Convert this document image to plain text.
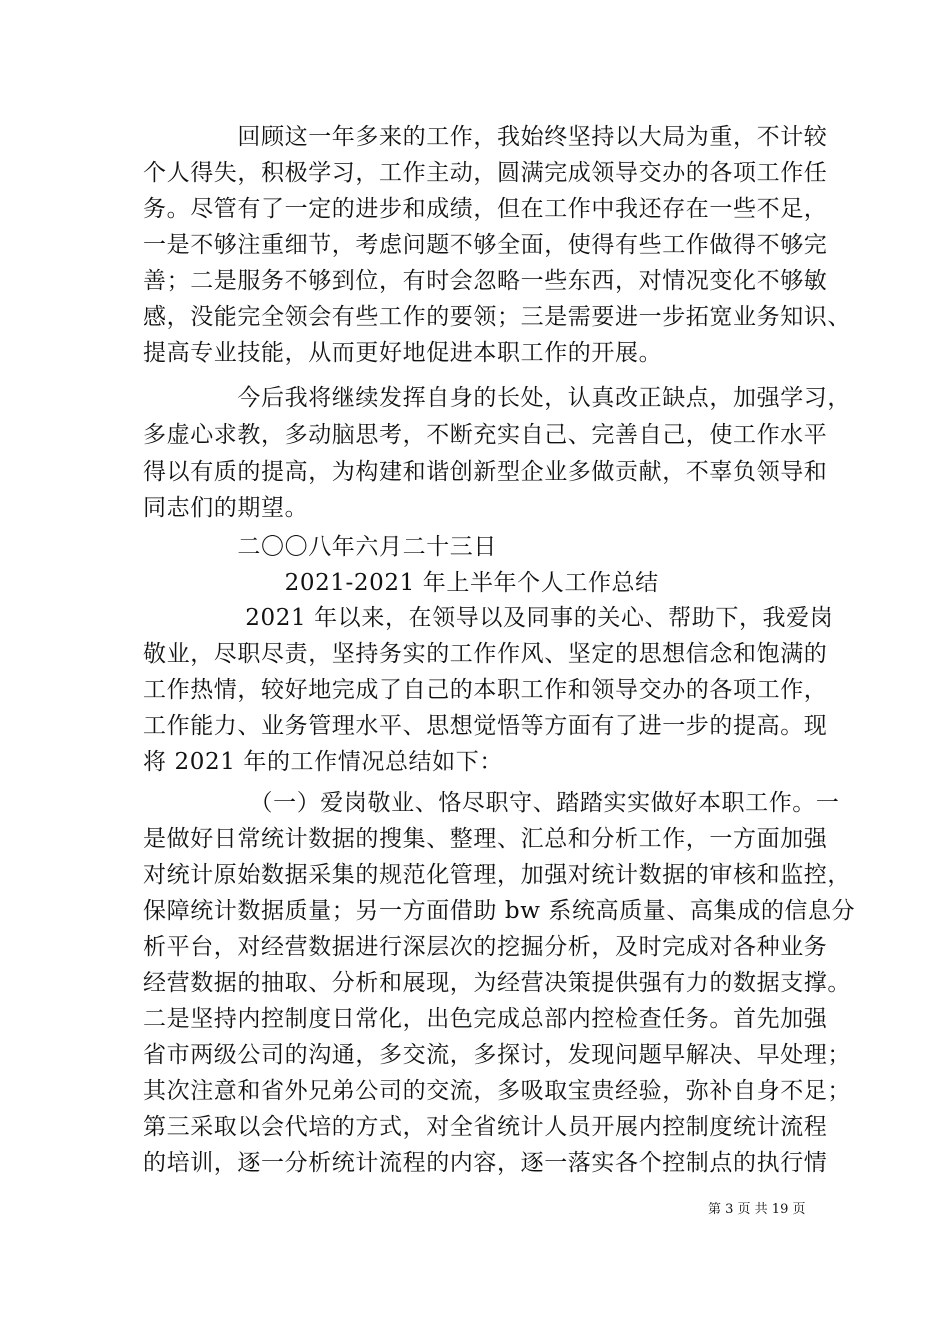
　　　　回顾这一年多来的工作，我始终坚持以大局为重，不计较
个人得失，积极学习，工作主动，圆满完成领导交办的各项工作任
务。尽管有了一定的进步和成绩，但在工作中我还存在一些不足，
一是不够注重细节，考虑问题不够全面，使得有些工作做得不够完
善；二是服务不够到位，有时会忽略一些东西，对情况变化不够敏
感，没能完全领会有些工作的要领；三是需要进一步拓宽业务知识、
提高专业技能，从而更好地促进本职工作的开展。
　　　　今后我将继续发挥自身的长处，认真改正缺点，加强学习，
多虚心求教，多动脑思考，不断充实自己、完善自己，使工作水平
得以有质的提高，为构建和谐创新型企业多做贡献，不辜负领导和
同志们的期望。
　　　　二〇〇八年六月二十三日
　　　　　　2021-2021 年上半年个人工作总结
　　　　 2021 年以来，在领导以及同事的关心、帮助下，我爱岗
敬业，尽职尽责，坚持务实的工作作风、坚定的思想信念和饱满的
工作热情，较好地完成了自己的本职工作和领导交办的各项工作，
工作能力、业务管理水平、思想觉悟等方面有了进一步的提高。现
将 2021 年的工作情况总结如下：
　　　　　（一）爱岗敬业、恪尽职守、踏踏实实做好本职工作。一
是做好日常统计数据的搜集、整理、汇总和分析工作，一方面加强
对统计原始数据采集的规范化管理，加强对统计数据的审核和监控，
保障统计数据质量；另一方面借助 bw 系统高质量、高集成的信息分
析平台，对经营数据进行深层次的挖掘分析，及时完成对各种业务
经营数据的抽取、分析和展现，为经营决策提供强有力的数据支撑。
二是坚持内控制度日常化，出色完成总部内控检查任务。首先加强
省市两级公司的沟通，多交流，多探讨，发现问题早解决、早处理；
其次注意和省外兄弟公司的交流，多吸取宝贵经验，弥补自身不足；
第三采取以会代培的方式，对全省统计人员开展内控制度统计流程
的培训，逐一分析统计流程的内容，逐一落实各个控制点的执行情
第 3 页 共 19 页
